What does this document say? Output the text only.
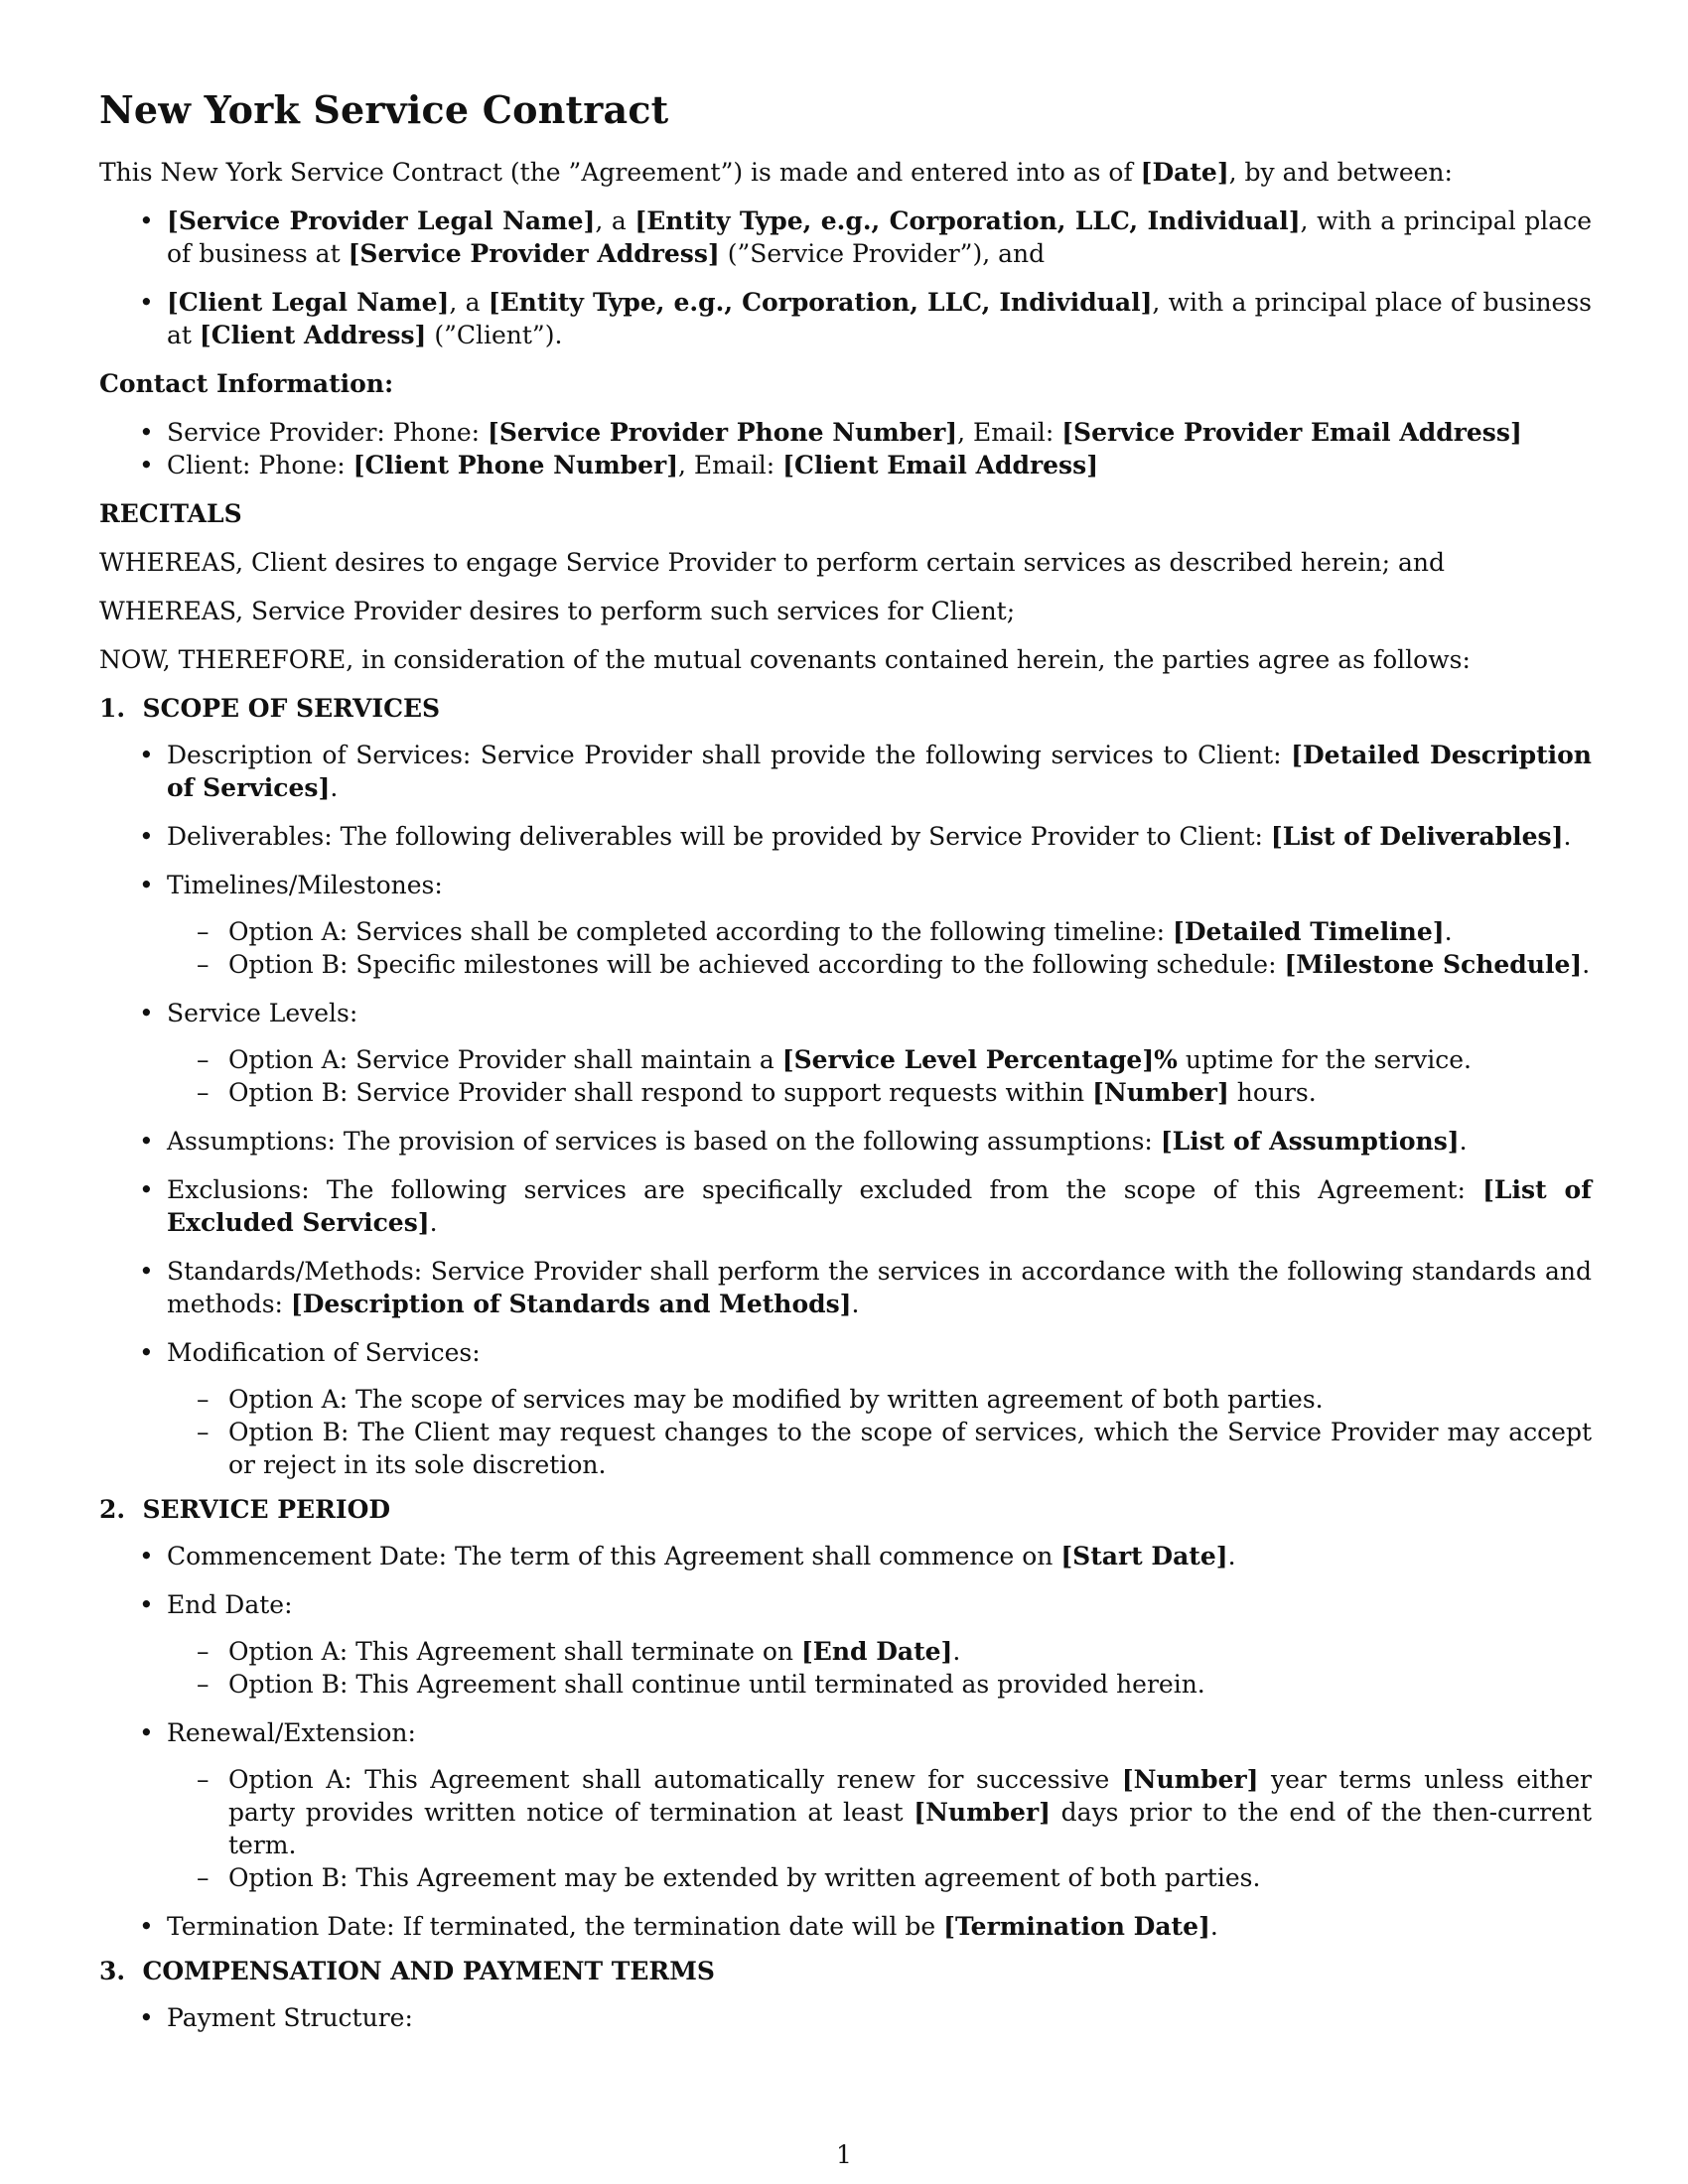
New York Service Contract

This New York Service Contract (the ”Agreement”) is made and entered into as of [Date], by and between:

• [Service Provider Legal Name], a [Entity Type, e.g., Corporation, LLC, Individual], with a principal place of business at [Service Provider Address] (”Service Provider”), and
• [Client Legal Name], a [Entity Type, e.g., Corporation, LLC, Individual], with a principal place of business at [Client Address] (”Client”).
Contact Information:
• Service Provider: Phone: [Service Provider Phone Number], Email: [Service Provider Email Address]
• Client: Phone: [Client Phone Number], Email: [Client Email Address]
RECITALS

WHEREAS, Client desires to engage Service Provider to perform certain services as described herein; and

WHEREAS, Service Provider desires to perform such services for Client;

NOW, THEREFORE, in consideration of the mutual covenants contained herein, the parties agree as follows:

1.  SCOPE OF SERVICES
• Description of Services: Service Provider shall provide the following services to Client: [Detailed Description of Services].
• Deliverables: The following deliverables will be provided by Service Provider to Client: [List of Deliverables].
• Timelines/Milestones:
– Option A: Services shall be completed according to the following timeline: [Detailed Timeline].
– Option B: Specific milestones will be achieved according to the following schedule: [Milestone Schedule].
• Service Levels:
– Option A: Service Provider shall maintain a [Service Level Percentage]% uptime for the service.
– Option B: Service Provider shall respond to support requests within [Number] hours.
• Assumptions: The provision of services is based on the following assumptions: [List of Assumptions].
• Exclusions: The following services are specifically excluded from the scope of this Agreement: [List of Excluded Services].
• Standards/Methods: Service Provider shall perform the services in accordance with the following standards and methods: [Description of Standards and Methods].
• Modification of Services:
– Option A: The scope of services may be modified by written agreement of both parties.
– Option B: The Client may request changes to the scope of services, which the Service Provider may accept or reject in its sole discretion.
2.  SERVICE PERIOD
• Commencement Date: The term of this Agreement shall commence on [Start Date].
• End Date:
– Option A: This Agreement shall terminate on [End Date].
– Option B: This Agreement shall continue until terminated as provided herein.
• Renewal/Extension:
– Option A: This Agreement shall automatically renew for successive [Number] year terms unless either party provides written notice of termination at least [Number] days prior to the end of the then-current term.
– Option B: This Agreement may be extended by written agreement of both parties.
• Termination Date: If terminated, the termination date will be [Termination Date].
3.  COMPENSATION AND PAYMENT TERMS
• Payment Structure:
1
